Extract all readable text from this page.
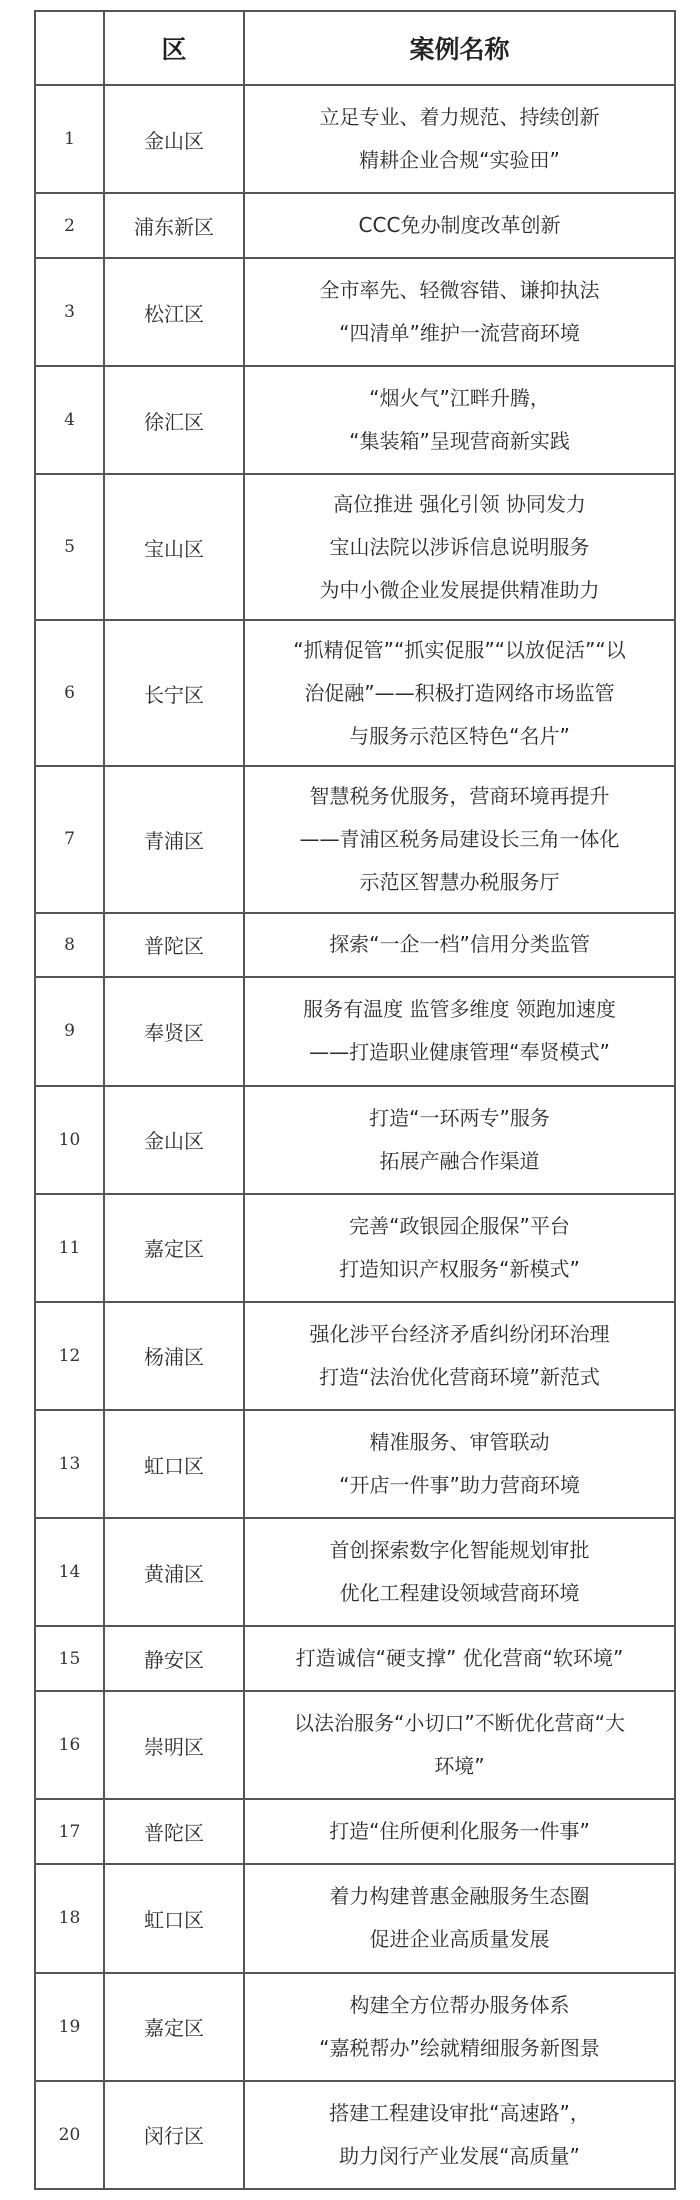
	区	案例名称
1	金山区	立足专业、着力规范、持续创新
精耕企业合规“实验田”

2	浦东新区	CCC免办制度改革创新

3	松江区	全市率先、轻微容错、谦抑执法
“四清单”维护一流营商环境

4	徐汇区	“烟火气”江畔升腾，
“集装箱”呈现营商新实践

5	宝山区	高位推进 强化引领 协同发力
宝山法院以涉诉信息说明服务
为中小微企业发展提供精准助力

6	长宁区	“抓精促管”“抓实促服”“以放促活”“以
治促融”——积极打造网络市场监管
与服务示范区特色“名片”

7	青浦区	智慧税务优服务，营商环境再提升
——青浦区税务局建设长三角一体化
示范区智慧办税服务厅

8	普陀区	探索“一企一档”信用分类监管

9	奉贤区	服务有温度 监管多维度 领跑加速度
——打造职业健康管理“奉贤模式”

10	金山区	打造“一环两专”服务
拓展产融合作渠道

11	嘉定区	完善“政银园企服保”平台
打造知识产权服务“新模式”

12	杨浦区	强化涉平台经济矛盾纠纷闭环治理
打造“法治优化营商环境”新范式

13	虹口区	精准服务、审管联动
“开店一件事”助力营商环境

14	黄浦区	首创探索数字化智能规划审批
优化工程建设领域营商环境

15	静安区	打造诚信“硬支撑” 优化营商“软环境”

16	崇明区	以法治服务“小切口”不断优化营商“大
环境”

17	普陀区	打造“住所便利化服务一件事”

18	虹口区	着力构建普惠金融服务生态圈
促进企业高质量发展

19	嘉定区	构建全方位帮办服务体系
“嘉税帮办”绘就精细服务新图景

20	闵行区	搭建工程建设审批“高速路”，
助力闵行产业发展“高质量”
